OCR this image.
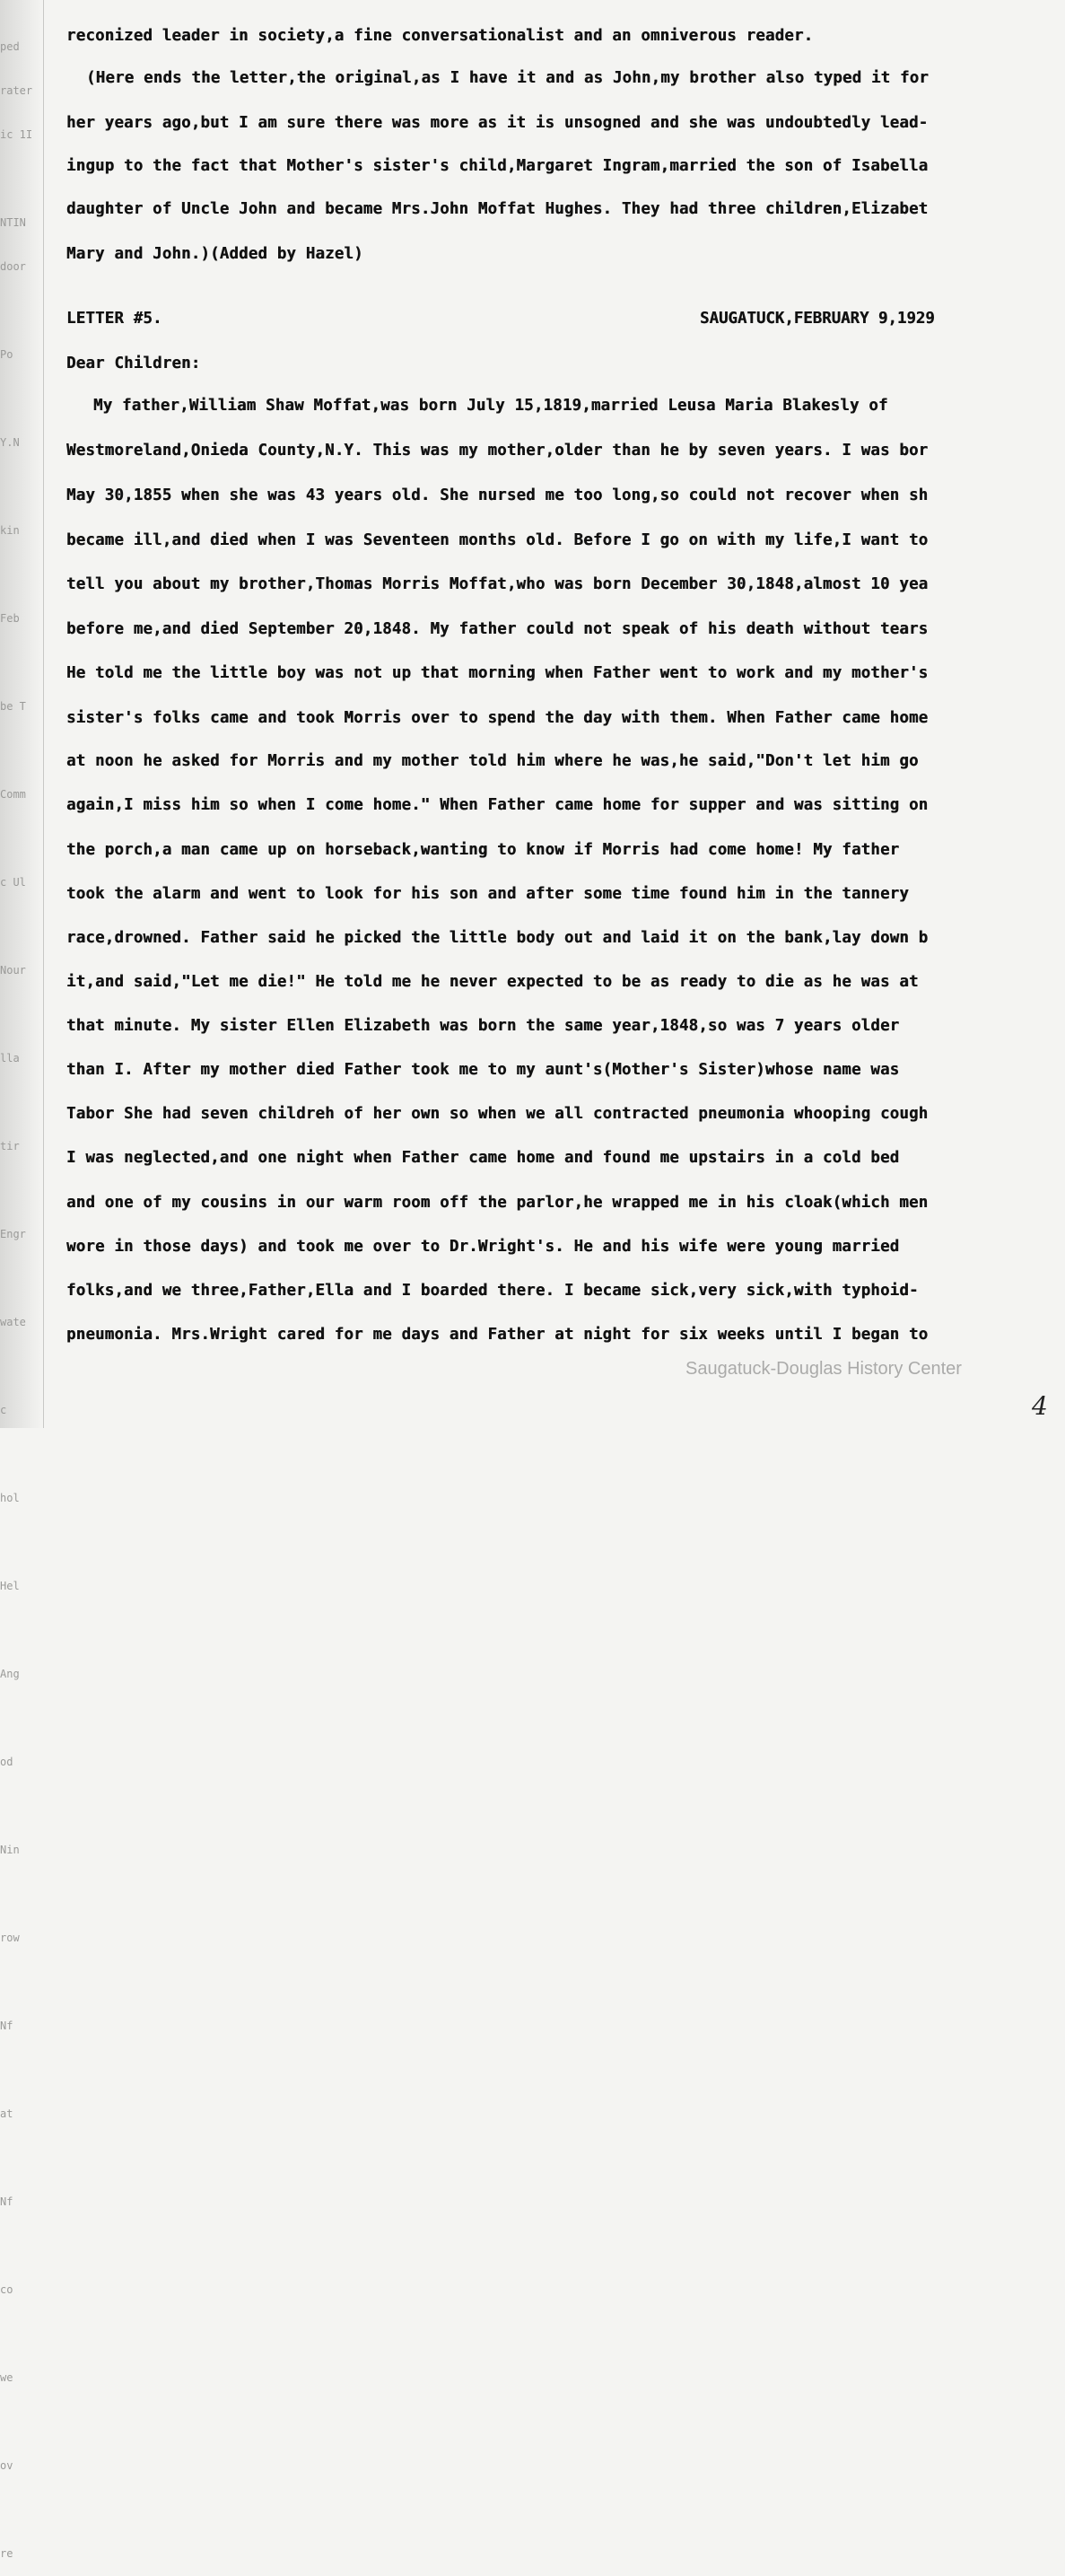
ped
rater
ic 1I

NTIN
door

Po

Y.N

kin

Feb

be T

Comm

c Ul

Nour

lla

tir

Engr

wate

c

hol

Hel

Ang

od

Nin

row

Nf

at

Nf

co

we

ov

re
reconized leader in society,a fine conversationalist and an omniverous reader.
(Here ends the letter,the original,as I have it and as John,my brother also typed it for
her years ago,but I am sure there was more as it is unsogned and she was undoubtedly lead-
ingup to the fact that Mother's sister's child,Margaret Ingram,married the son of Isabella
daughter of Uncle John and became Mrs.John Moffat Hughes. They had three children,Elizabet
Mary and John.)(Added by Hazel)
LETTER #5.	SAUGATUCK,FEBRUARY 9,1929
Dear Children:
My father,William Shaw Moffat,was born July 15,1819,married Leusa Maria Blakesly of
Westmoreland,Onieda County,N.Y. This was my mother,older than he by seven years. I was bor
May 30,1855 when she was 43 years old. She nursed me too long,so could not recover when sh
became ill,and died when I was Seventeen months old. Before I go on with my life,I want to
tell you about my brother,Thomas Morris Moffat,who was born December 30,1848,almost 10 yea
before me,and died September 20,1848. My father could not speak of his death without tears
He told me the little boy was not up that morning when Father went to work and my mother's
sister's folks came and took Morris over to spend the day with them. When Father came home
at noon he asked for Morris and my mother told him where he was,he said,"Don't let him go
again,I miss him so when I come home." When Father came home for supper and was sitting on
the porch,a man came up on horseback,wanting to know if Morris had come home! My father
took the alarm and went to look for his son and after some time found him in the tannery
race,drowned. Father said he picked the little body out and laid it on the bank,lay down b
it,and said,"Let me die!" He told me he never expected to be as ready to die as he was at
that minute. My sister Ellen Elizabeth was born the same year,1848,so was 7 years older
than I. After my mother died Father took me to my aunt's(Mother's Sister)whose name was
Tabor She had seven childreh of her own so when we all contracted pneumonia whooping cough
I was neglected,and one night when Father came home and found me upstairs in a cold bed
and one of my cousins in our warm room off the parlor,he wrapped me in his cloak(which men
wore in those days) and took me over to Dr.Wright's. He and his wife were young married
folks,and we three,Father,Ella and I boarded there. I became sick,very sick,with typhoid-
pneumonia. Mrs.Wright cared for me days and Father at night for six weeks until I began to
Saugatuck-Douglas History Center
4
